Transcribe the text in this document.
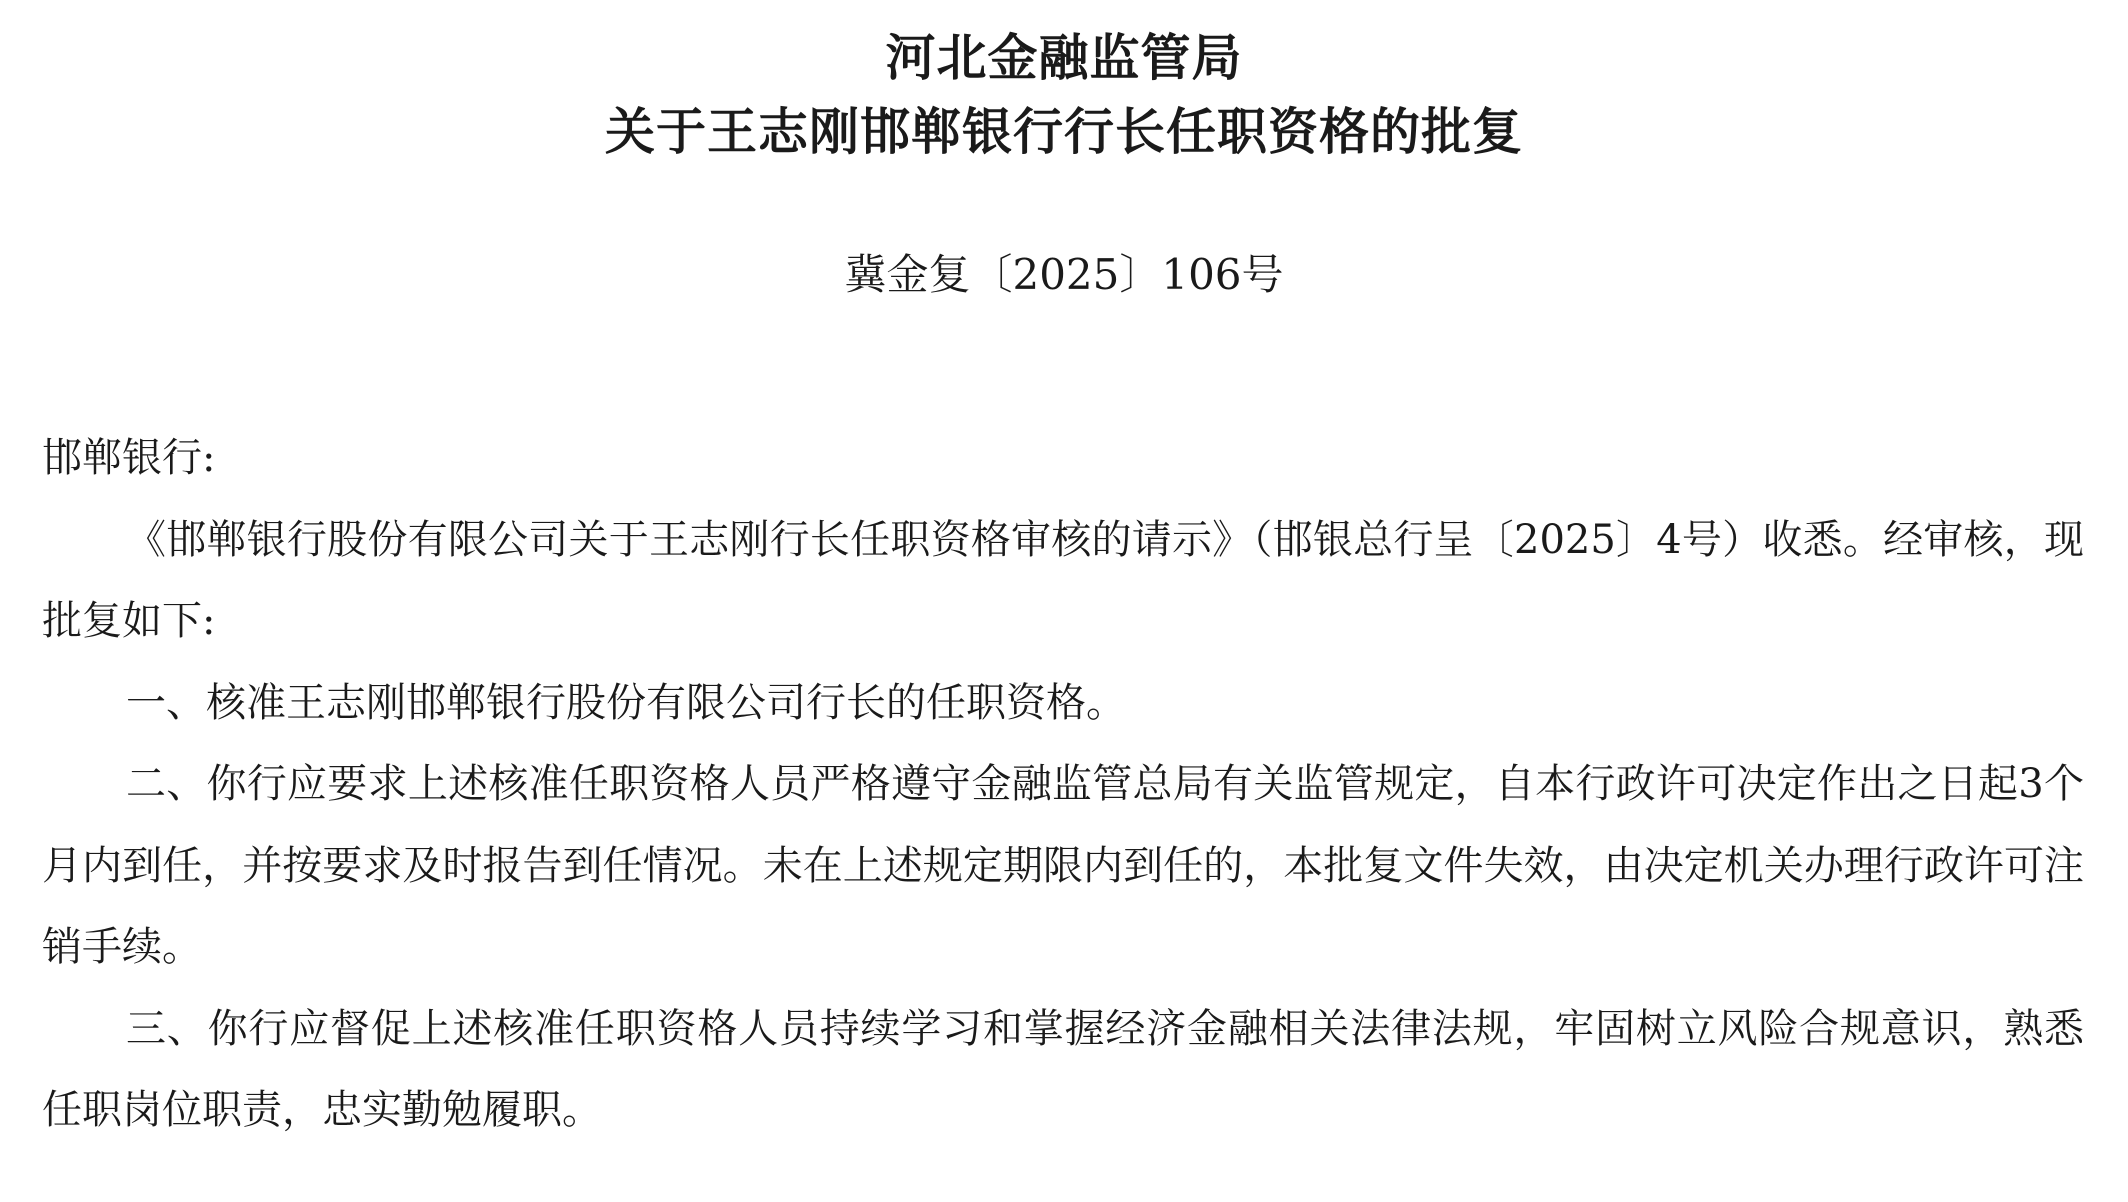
河北金融监管局
关于王志刚邯郸银行行长任职资格的批复
冀金复〔2025〕106号

邯郸银行:

《邯郸银行股份有限公司关于王志刚行长任职资格审核的请示》（邯银总行呈〔2025〕4号）收悉。经审核，现批复如下:

一、核准王志刚邯郸银行股份有限公司行长的任职资格。

二、你行应要求上述核准任职资格人员严格遵守金融监管总局有关监管规定，自本行政许可决定作出之日起3个月内到任，并按要求及时报告到任情况。未在上述规定期限内到任的，本批复文件失效，由决定机关办理行政许可注销手续。

三、你行应督促上述核准任职资格人员持续学习和掌握经济金融相关法律法规，牢固树立风险合规意识，熟悉任职岗位职责，忠实勤勉履职。
